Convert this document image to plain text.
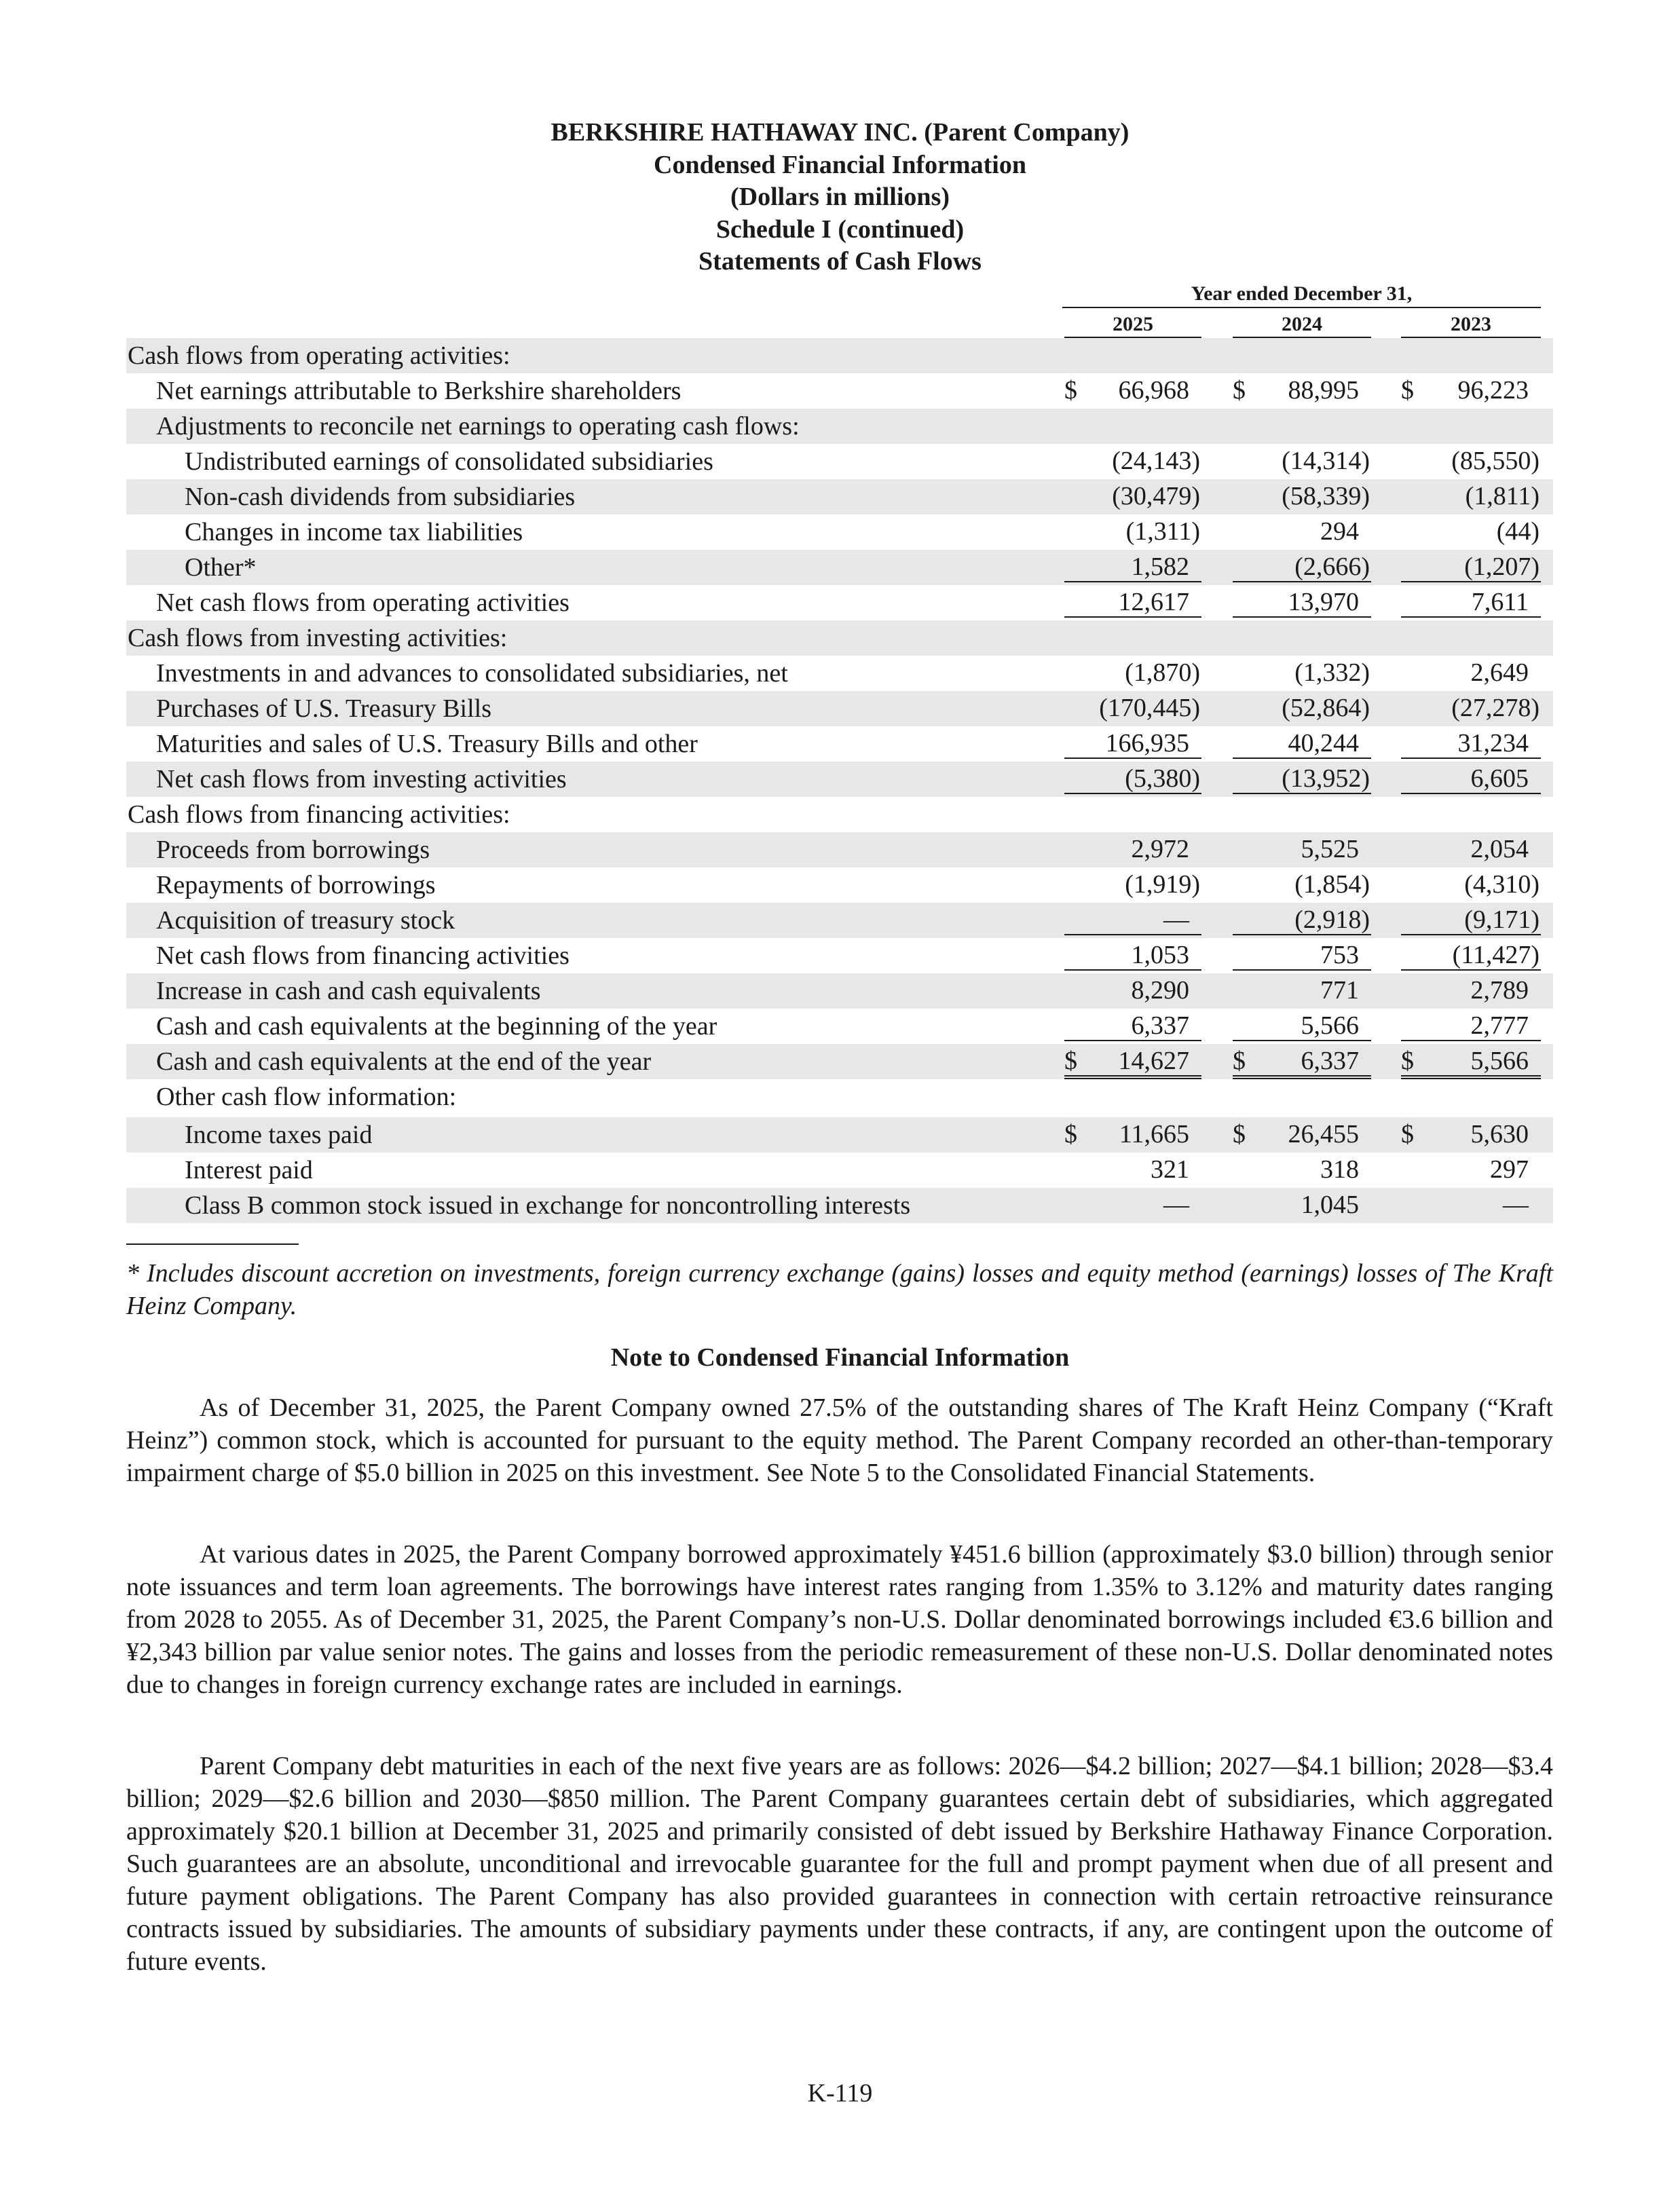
BERKSHIRE HATHAWAY INC. (Parent Company)
Condensed Financial Information
(Dollars in millions)
Schedule I (continued)
Statements of Cash Flows
Year ended December 31,
2025	2024	2023
Cash flows from operating activities:
Net earnings attributable to Berkshire shareholders	$ 66,968 $ 88,995 $ 96,223
Adjustments to reconcile net earnings to operating cash flows:
Undistributed earnings of consolidated subsidiaries	(24,143)	(14,314)	(85,550)
Non-cash dividends from subsidiaries	(30,479)	(58,339)	(1,811)
Changes in income tax liabilities	(1,311)	294	(44)
Other*	1,582	(2,666)	(1,207)
Net cash flows from operating activities	12,617	13,970	7,611
Cash flows from investing activities:
Investments in and advances to consolidated subsidiaries, net	(1,870)	(1,332)	2,649
Purchases of U.S. Treasury Bills	(170,445)	(52,864)	(27,278)
Maturities and sales of U.S. Treasury Bills and other	166,935	40,244	31,234
Net cash flows from investing activities	(5,380)	(13,952)	6,605
Cash flows from financing activities:
Proceeds from borrowings	2,972	5,525	2,054
Repayments of borrowings	(1,919)	(1,854)	(4,310)
Acquisition of treasury stock	—	(2,918)	(9,171)
Net cash flows from financing activities	1,053	753	(11,427)
Increase in cash and cash equivalents	8,290	771	2,789
Cash and cash equivalents at the beginning of the year	6,337	5,566	2,777
Cash and cash equivalents at the end of the year	$ 14,627 $ 6,337 $ 5,566
Other cash flow information:
Income taxes paid	$ 11,665 $ 26,455 $ 5,630
Interest paid	321	318	297
Class B common stock issued in exchange for noncontrolling interests	—	1,045	—
* Includes discount accretion on investments, foreign currency exchange (gains) losses and equity method (earnings) losses of The Kraft Heinz Company.
Note to Condensed Financial Information

As of December 31, 2025, the Parent Company owned 27.5% of the outstanding shares of The Kraft Heinz Company (“Kraft Heinz”) common stock, which is accounted for pursuant to the equity method. The Parent Company recorded an other-than-temporary impairment charge of $5.0 billion in 2025 on this investment. See Note 5 to the Consolidated Financial Statements.

At various dates in 2025, the Parent Company borrowed approximately ¥451.6 billion (approximately $3.0 billion) through senior note issuances and term loan agreements. The borrowings have interest rates ranging from 1.35% to 3.12% and maturity dates ranging from 2028 to 2055. As of December 31, 2025, the Parent Company’s non-U.S. Dollar denominated borrowings included €3.6 billion and ¥2,343 billion par value senior notes. The gains and losses from the periodic remeasurement of these non-U.S. Dollar denominated notes due to changes in foreign currency exchange rates are included in earnings.

Parent Company debt maturities in each of the next five years are as follows: 2026—$4.2 billion; 2027—$4.1 billion; 2028—$3.4 billion; 2029—$2.6 billion and 2030—$850 million. The Parent Company guarantees certain debt of subsidiaries, which aggregated approximately $20.1 billion at December 31, 2025 and primarily consisted of debt issued by Berkshire Hathaway Finance Corporation. Such guarantees are an absolute, unconditional and irrevocable guarantee for the full and prompt payment when due of all present and future payment obligations. The Parent Company has also provided guarantees in connection with certain retroactive reinsurance contracts issued by subsidiaries. The amounts of subsidiary payments under these contracts, if any, are contingent upon the outcome of future events.

K-119
